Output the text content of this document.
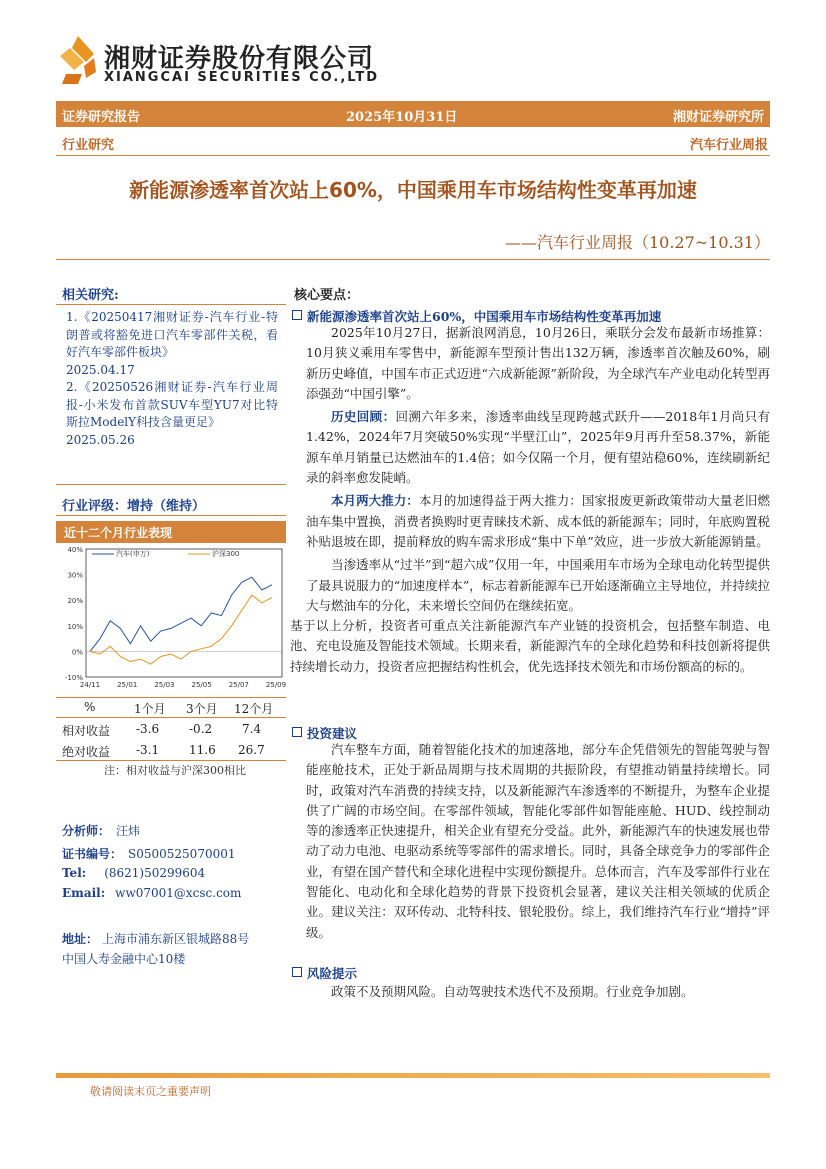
湘财证券股份有限公司
XIANGCAI SECURITIES CO.,LTD
证券研究报告	2025年10月31日	湘财证券研究所
行业研究	汽车行业周报
新能源渗透率首次站上60%，中国乘用车市场结构性变革再加速
——汽车行业周报（10.27~10.31）
相关研究:

1.《20250417湘财证券-汽车行业-特朗普或将豁免进口汽车零部件关税，看好汽车零部件板块》

2025.04.17

2.《20250526湘财证券-汽车行业周报-小米发布首款SUV车型YU7对比特斯拉ModelY科技含量更足》

2025.05.26

行业评级：增持（维持）
近十二个月行业表现
40%
30%
20%
10%
0%
-10%
24/11 25/01 25/03 25/05 25/07 25/09
汽车(申万)	沪深300
%	1个月 3个月 12个月
相对收益 -3.6 -0.2 7.4
绝对收益 -3.1 11.6 26.7
注：相对收益与沪深300相比
分析师： 汪炜
证书编号： S0500525070001
Tel: (8621)50299604
Email: ww07001@xcsc.com
地址： 上海市浦东新区银城路88号
中国人寿金融中心10楼
核心要点：
新能源渗透率首次站上60%，中国乘用车市场结构性变革再加速

2025年10月27日，据新浪网消息，10月26日，乘联分会发布最新市场推算：10月狭义乘用车零售中，新能源车型预计售出132万辆，渗透率首次触及60%，刷新历史峰值，中国车市正式迈进“六成新能源”新阶段，为全球汽车产业电动化转型再添强劲“中国引擎”。

历史回顾：回溯六年多来，渗透率曲线呈现跨越式跃升——2018年1月尚只有1.42%，2024年7月突破50%实现“半壁江山”，2025年9月再升至58.37%，新能源车单月销量已达燃油车的1.4倍；如今仅隔一个月，便有望站稳60%，连续刷新纪录的斜率愈发陡峭。

本月两大推力：本月的加速得益于两大推力：国家报废更新政策带动大量老旧燃油车集中置换，消费者换购时更青睐技术新、成本低的新能源车；同时，年底购置税补贴退坡在即，提前释放的购车需求形成“集中下单”效应，进一步放大新能源销量。

当渗透率从“过半”到“超六成”仅用一年，中国乘用车市场为全球电动化转型提供了最具说服力的“加速度样本”，标志着新能源车已开始逐渐确立主导地位，并持续拉大与燃油车的分化，未来增长空间仍在继续拓宽。

基于以上分析，投资者可重点关注新能源汽车产业链的投资机会，包括整车制造、电池、充电设施及智能技术领域。长期来看，新能源汽车的全球化趋势和科技创新将提供持续增长动力，投资者应把握结构性机会，优先选择技术领先和市场份额高的标的。

投资建议

汽车整车方面，随着智能化技术的加速落地，部分车企凭借领先的智能驾驶与智能座舱技术，正处于新品周期与技术周期的共振阶段，有望推动销量持续增长。同时，政策对汽车消费的持续支持，以及新能源汽车渗透率的不断提升，为整车企业提供了广阔的市场空间。在零部件领域，智能化零部件如智能座舱、HUD、线控制动等的渗透率正快速提升，相关企业有望充分受益。此外，新能源汽车的快速发展也带动了动力电池、电驱动系统等零部件的需求增长。同时，具备全球竞争力的零部件企业，有望在国产替代和全球化进程中实现份额提升。总体而言，汽车及零部件行业在智能化、电动化和全球化趋势的背景下投资机会显著，建议关注相关领域的优质企业。建议关注：双环传动、北特科技、银轮股份。综上，我们维持汽车行业“增持”评级。

风险提示

政策不及预期风险。自动驾驶技术迭代不及预期。行业竞争加剧。

敬请阅读末页之重要声明
